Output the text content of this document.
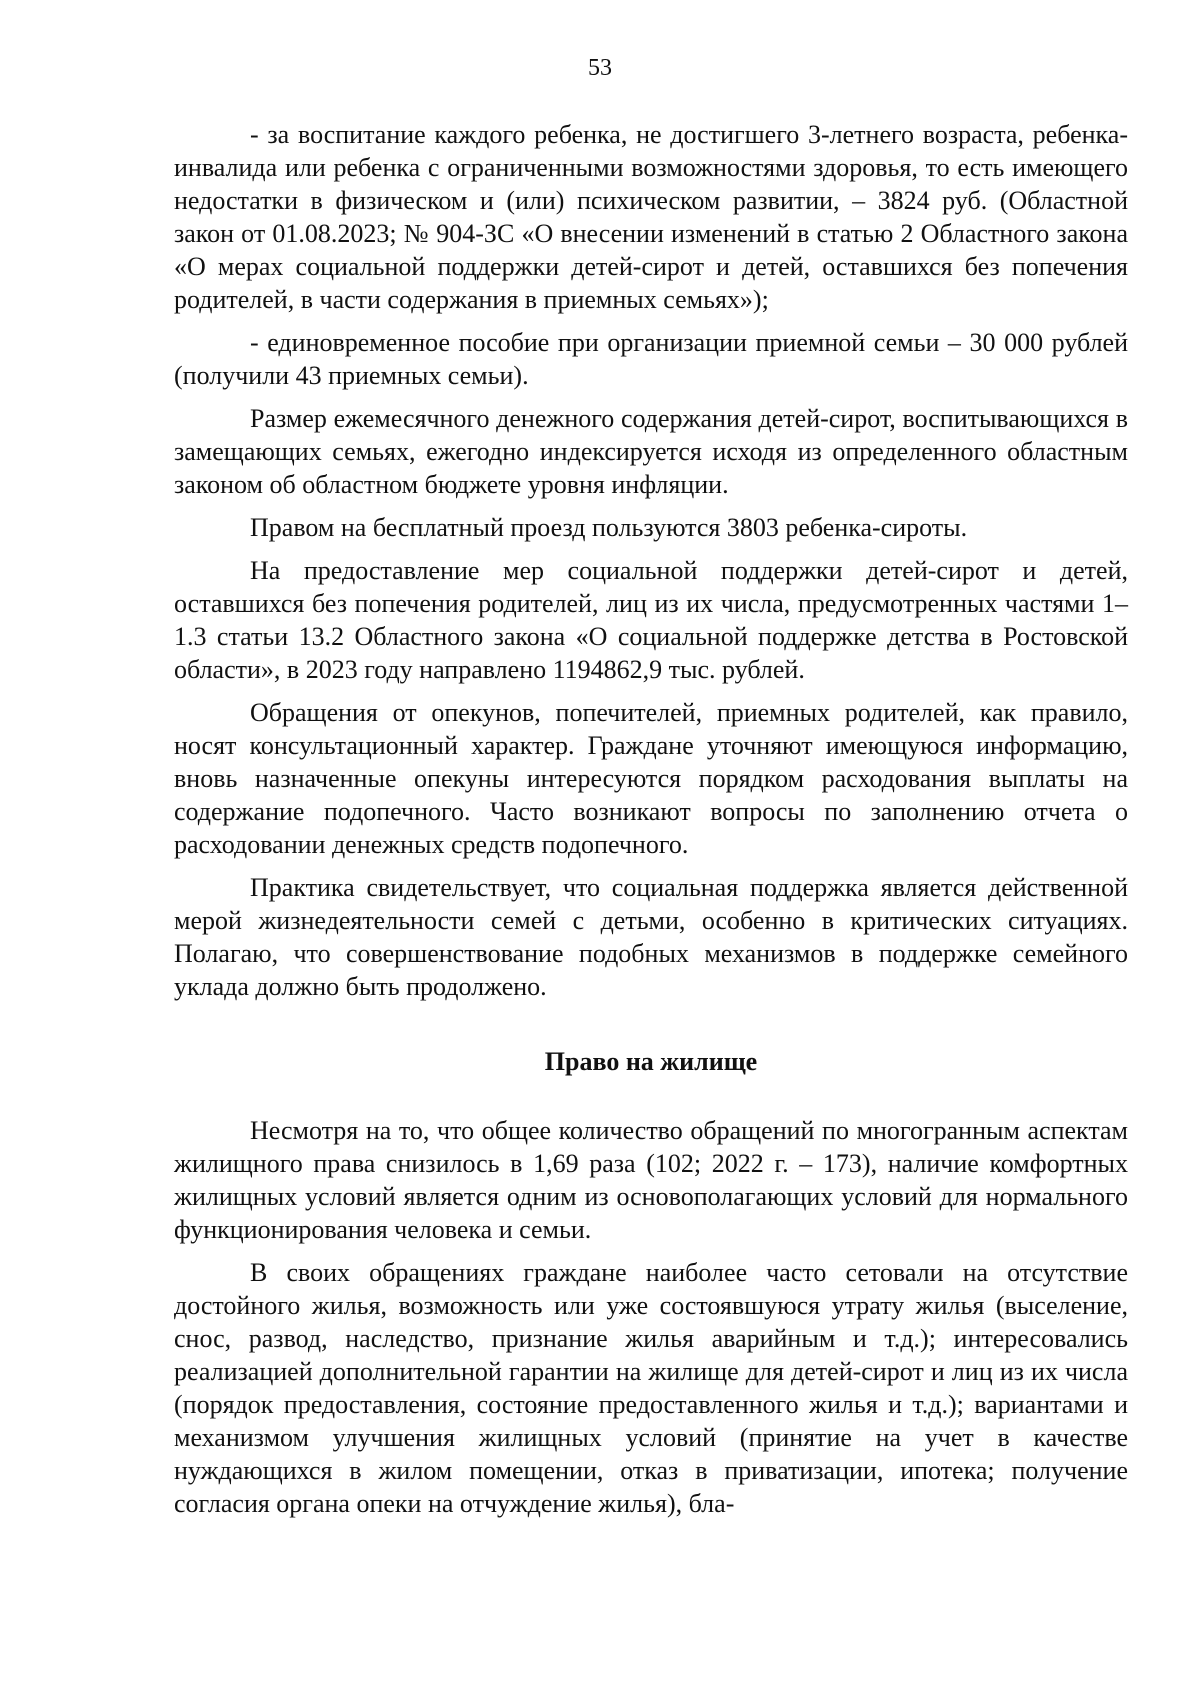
53

- за воспитание каждого ребенка, не достигшего 3-летнего возраста, ребенка-инвалида или ребенка с ограниченными возможностями здоровья, то есть имеющего недостатки в физическом и (или) психическом развитии, – 3824 руб. (Областной закон от 01.08.2023; № 904-ЗС «О внесении изменений в статью 2 Областного закона «О мерах социальной поддержки детей-сирот и детей, оставшихся без попечения родителей, в части содержания в приемных семьях»);

- единовременное пособие при организации приемной семьи – 30 000 рублей (получили 43 приемных семьи).

Размер ежемесячного денежного содержания детей-сирот, воспитывающихся в замещающих семьях, ежегодно индексируется исходя из определенного областным законом об областном бюджете уровня инфляции.

Правом на бесплатный проезд пользуются 3803 ребенка-сироты.

На предоставление мер социальной поддержки детей-сирот и детей, оставшихся без попечения родителей, лиц из их числа, предусмотренных частями 1–1.3 статьи 13.2 Областного закона «О социальной поддержке детства в Ростовской области», в 2023 году направлено 1194862,9 тыс. рублей.

Обращения от опекунов, попечителей, приемных родителей, как правило, носят консультационный характер. Граждане уточняют имеющуюся информацию, вновь назначенные опекуны интересуются порядком расходования выплаты на содержание подопечного. Часто возникают вопросы по заполнению отчета о расходовании денежных средств подопечного.

Практика свидетельствует, что социальная поддержка является действенной мерой жизнедеятельности семей с детьми, особенно в критических ситуациях. Полагаю, что совершенствование подобных механизмов в поддержке семейного уклада должно быть продолжено.

Право на жилище

Несмотря на то, что общее количество обращений по многогранным аспектам жилищного права снизилось в 1,69 раза (102; 2022 г. – 173), наличие комфортных жилищных условий является одним из основополагающих условий для нормального функционирования человека и семьи.

В своих обращениях граждане наиболее часто сетовали на отсутствие достойного жилья, возможность или уже состоявшуюся утрату жилья (выселение, снос, развод, наследство, признание жилья аварийным и т.д.); интересовались реализацией дополнительной гарантии на жилище для детей-сирот и лиц из их числа (порядок предоставления, состояние предоставленного жилья и т.д.); вариантами и механизмом улучшения жилищных условий (принятие на учет в качестве нуждающихся в жилом помещении, отказ в приватизации, ипотека; получение согласия органа опеки на отчуждение жилья), бла-
